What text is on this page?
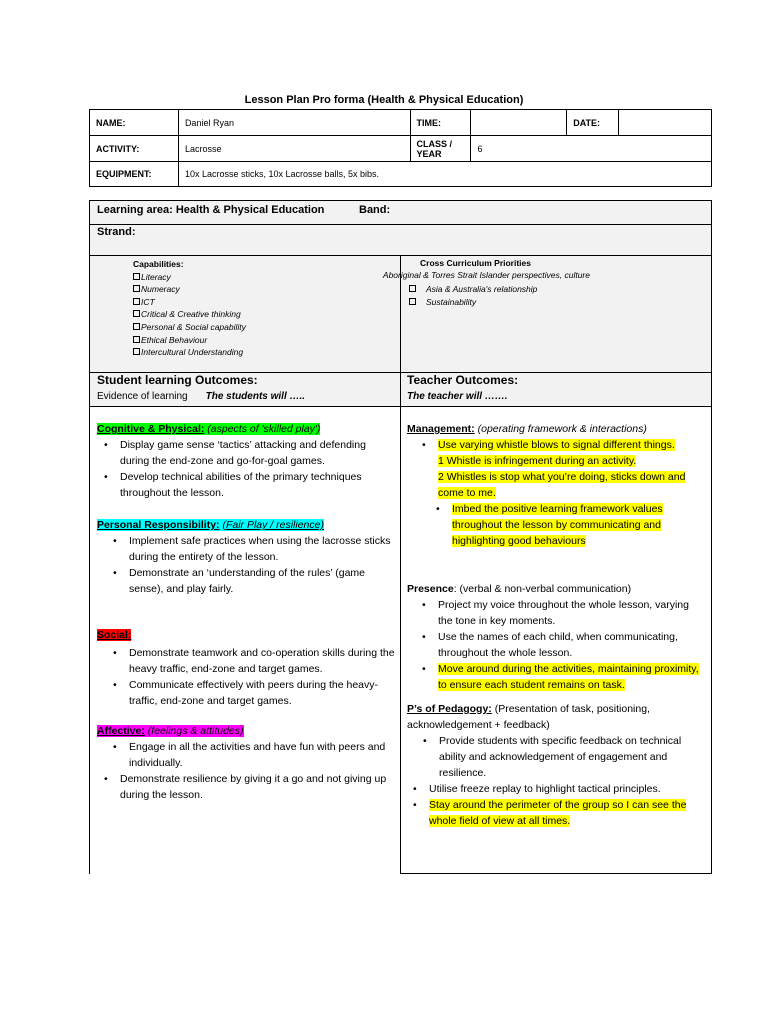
Lesson Plan Pro forma (Health & Physical Education)
NAME:	Daniel Ryan	TIME:		DATE:	
ACTIVITY:	Lacrosse	CLASS / YEAR	6		
EQUIPMENT:	10x Lacrosse sticks, 10x Lacrosse balls, 5x bibs.				
Learning area: Health & Physical Education	Band:
Strand:
Capabilities:
Literacy
Numeracy
ICT
Critical & Creative thinking
Personal & Social capability
Ethical Behaviour
Intercultural Understanding
Cross Curriculum Priorities
Aboriginal & Torres Strait Islander perspectives, culture
Asia & Australia's relationship
Sustainability
Student learning Outcomes:
Evidence of learning The students will …..
Teacher Outcomes:
The teacher will …….
Cognitive & Physical: (aspects of 'skilled play')
• Display game sense ‘tactics’ attacking and defending during the end-zone and go-for-goal games.
• Develop technical abilities of the primary techniques throughout the lesson.
Personal Responsibility: (Fair Play / resilience)
• Implement safe practices when using the lacrosse sticks during the entirety of the lesson.
• Demonstrate an ‘understanding of the rules’ (game sense), and play fairly.
Social:
• Demonstrate teamwork and co-operation skills during the heavy traffic, end-zone and target games.
• Communicate effectively with peers during the heavy-traffic, end-zone and target games.
Affective: (feelings & attitudes)
• Engage in all the activities and have fun with peers and individually.
• Demonstrate resilience by giving it a go and not giving up during the lesson.
Management: (operating framework & interactions)
• Use varying whistle blows to signal different things.
1 Whistle is infringement during an activity.
2 Whistles is stop what you’re doing, sticks down and come to me.
• Imbed the positive learning framework values throughout the lesson by communicating and highlighting good behaviours
Presence: (verbal & non-verbal communication)
• Project my voice throughout the whole lesson, varying the tone in key moments.
• Use the names of each child, when communicating, throughout the whole lesson.
• Move around during the activities, maintaining proximity, to ensure each student remains on task.
P’s of Pedagogy: (Presentation of task, positioning, acknowledgement + feedback)
• Provide students with specific feedback on technical ability and acknowledgement of engagement and resilience.
• Utilise freeze replay to highlight tactical principles.
• Stay around the perimeter of the group so I can see the whole field of view at all times.
